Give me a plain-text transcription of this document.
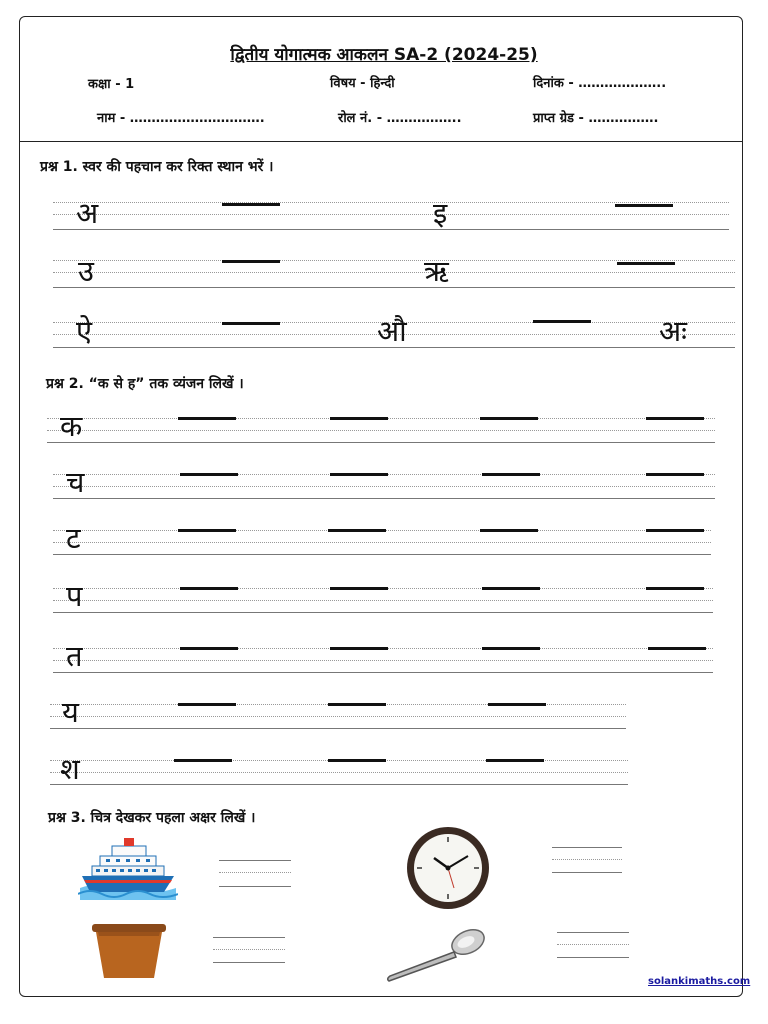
द्वितीय योगात्मक आकलन SA-2 (2024-25)
कक्षा - 1	विषय - हिन्दी	दिनांक - ………………..
नाम - ………………………….	रोल नं. - ……………..	प्राप्त ग्रेड - …………….
प्रश्न 1. स्वर की पहचान कर रिक्त स्थान भरें ।
अ	इ
उ	ऋ
ऐ	औ	अः
प्रश्न 2. “क से ह” तक व्यंजन लिखें ।
क
च
ट
प
त
य
श
प्रश्न 3. चित्र देखकर पहला अक्षर लिखें ।
solankimaths.com
